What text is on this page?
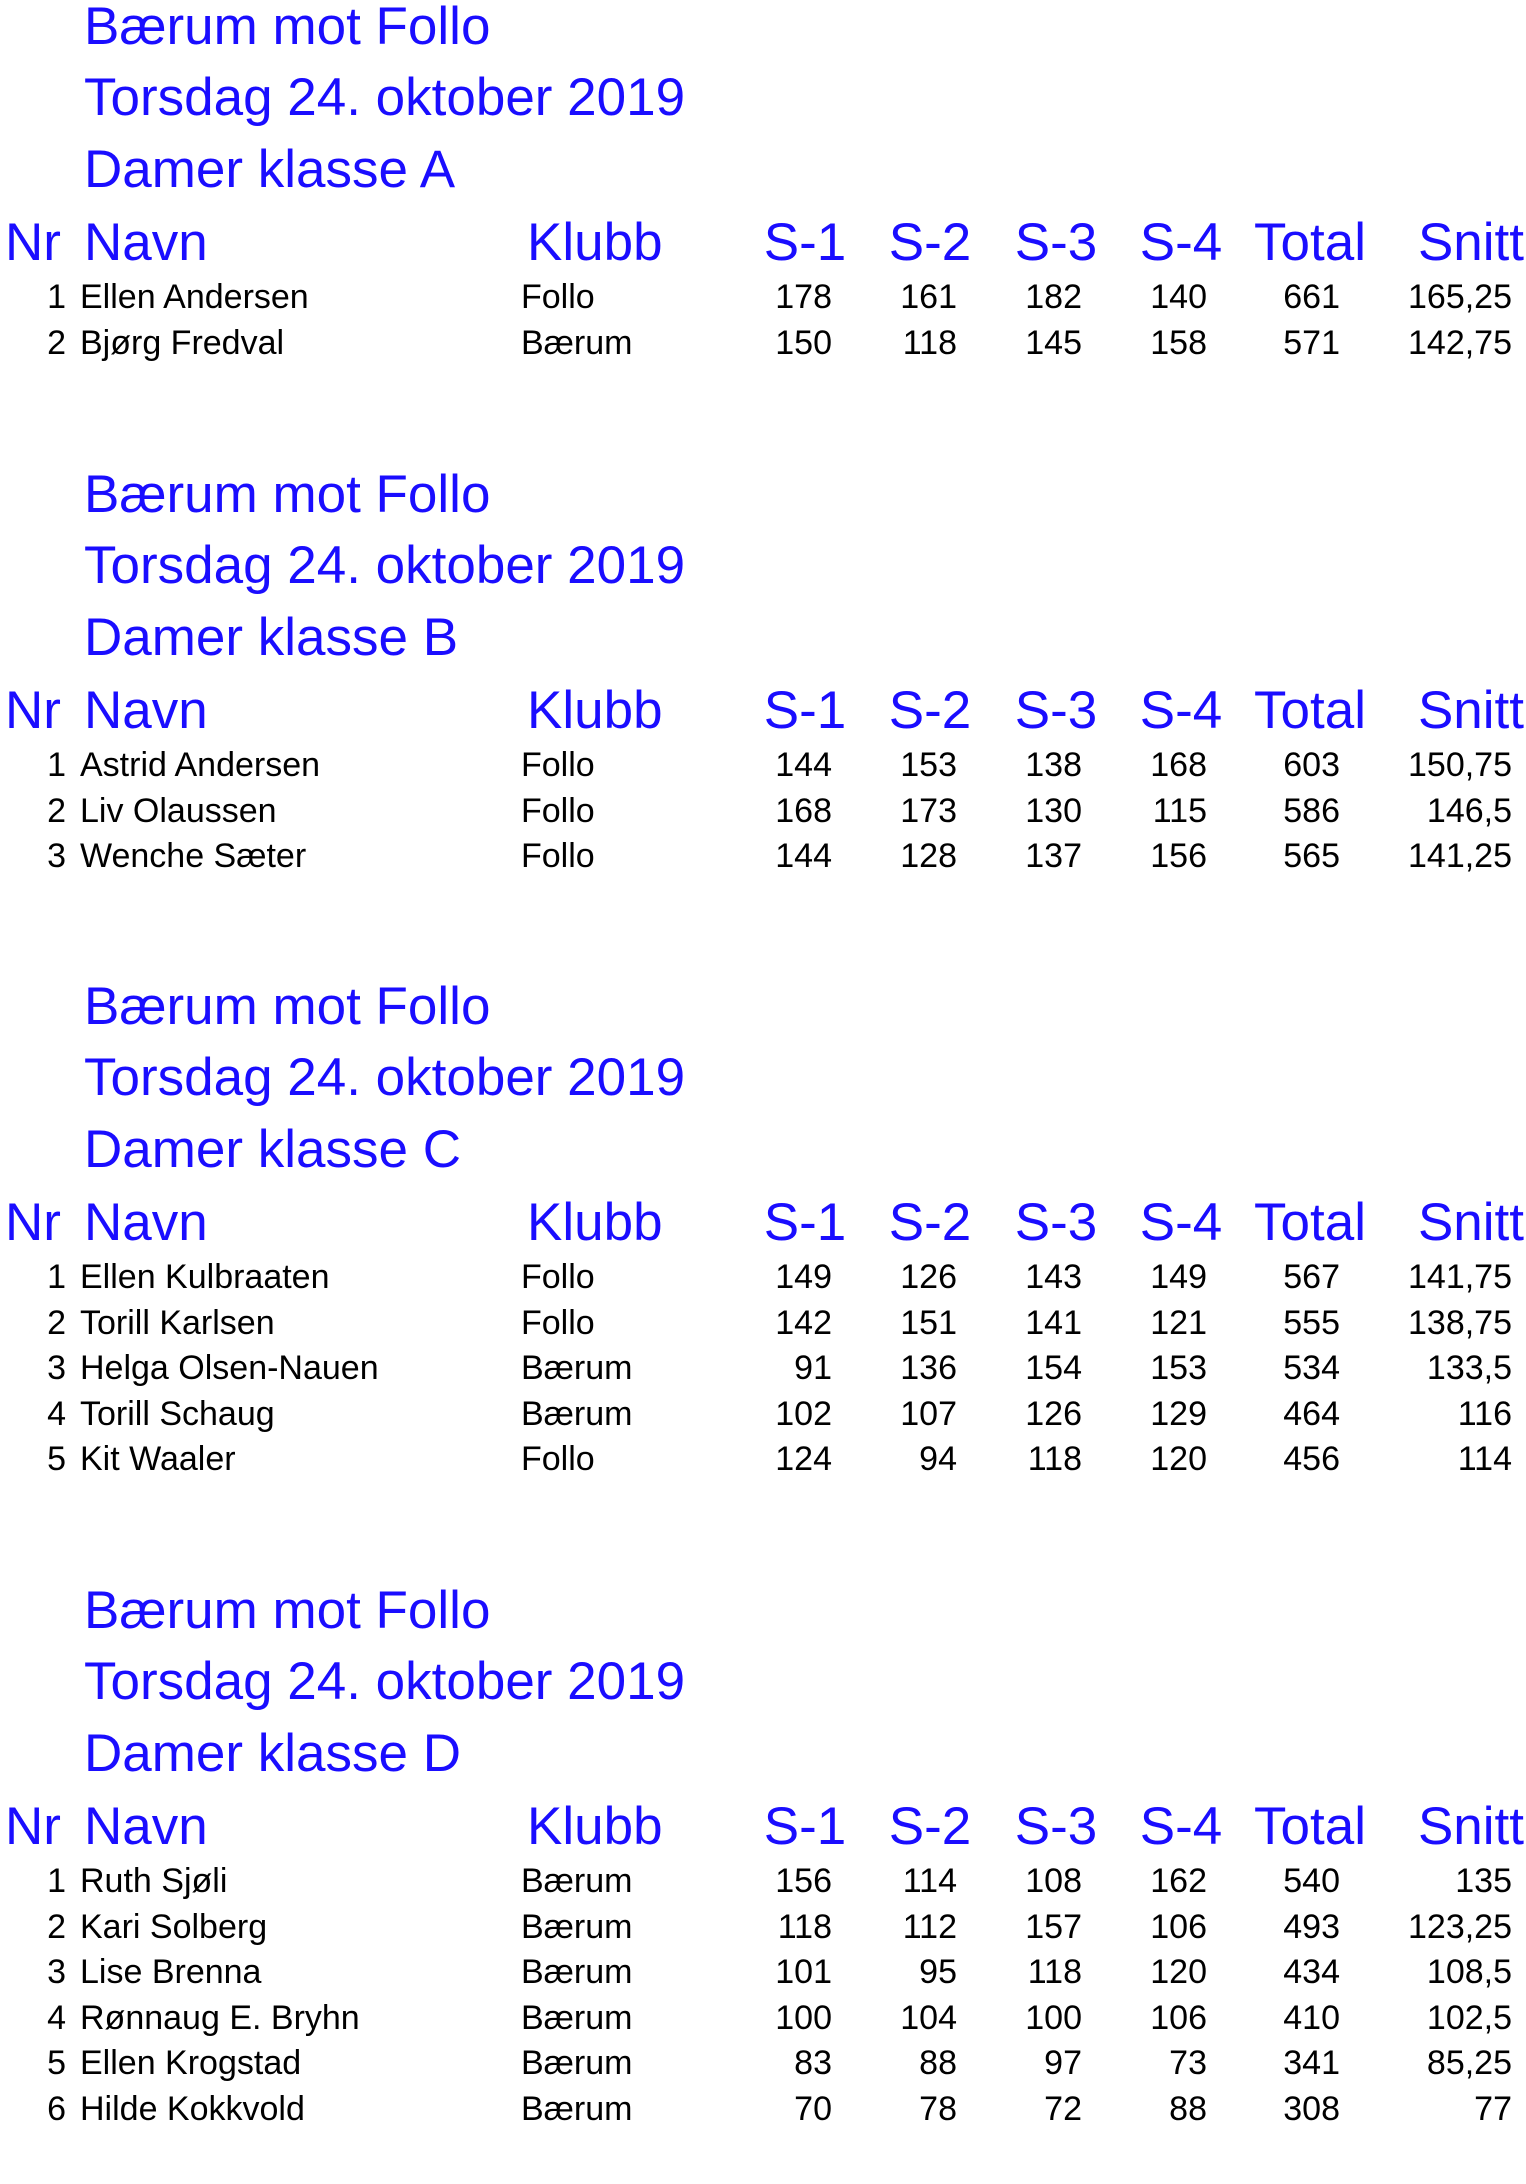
Bærum mot Follo
Torsdag 24. oktober 2019
Damer klasse A
Nr Navn	Klubb	S-1 S-2 S-3 S-4 Total Snitt
1 Ellen Andersen	Follo	178	161	182	140	661	165,25
2 Bjørg Fredval	Bærum	150	118	145	158	571	142,75
Bærum mot Follo
Torsdag 24. oktober 2019
Damer klasse B
Nr Navn	Klubb	S-1 S-2 S-3 S-4 Total Snitt
1 Astrid Andersen	Follo	144	153	138	168	603	150,75
2 Liv Olaussen	Follo	168	173	130	115	586	146,5
3 Wenche Sæter	Follo	144	128	137	156	565	141,25
Bærum mot Follo
Torsdag 24. oktober 2019
Damer klasse C
Nr Navn	Klubb	S-1 S-2 S-3 S-4 Total Snitt
1 Ellen Kulbraaten	Follo	149	126	143	149	567	141,75
2 Torill Karlsen	Follo	142	151	141	121	555	138,75
3 Helga Olsen-Nauen	Bærum	91	136	154	153	534	133,5
4 Torill Schaug	Bærum	102	107	126	129	464	116
5 Kit Waaler	Follo	124	94	118	120	456	114
Bærum mot Follo
Torsdag 24. oktober 2019
Damer klasse D
Nr Navn	Klubb	S-1 S-2 S-3 S-4 Total Snitt
1 Ruth Sjøli	Bærum	156	114	108	162	540	135
2 Kari Solberg	Bærum	118	112	157	106	493	123,25
3 Lise Brenna	Bærum	101	95	118	120	434	108,5
4 Rønnaug E. Bryhn	Bærum	100	104	100	106	410	102,5
5 Ellen Krogstad	Bærum	83	88	97	73	341	85,25
6 Hilde Kokkvold	Bærum	70	78	72	88	308	77
